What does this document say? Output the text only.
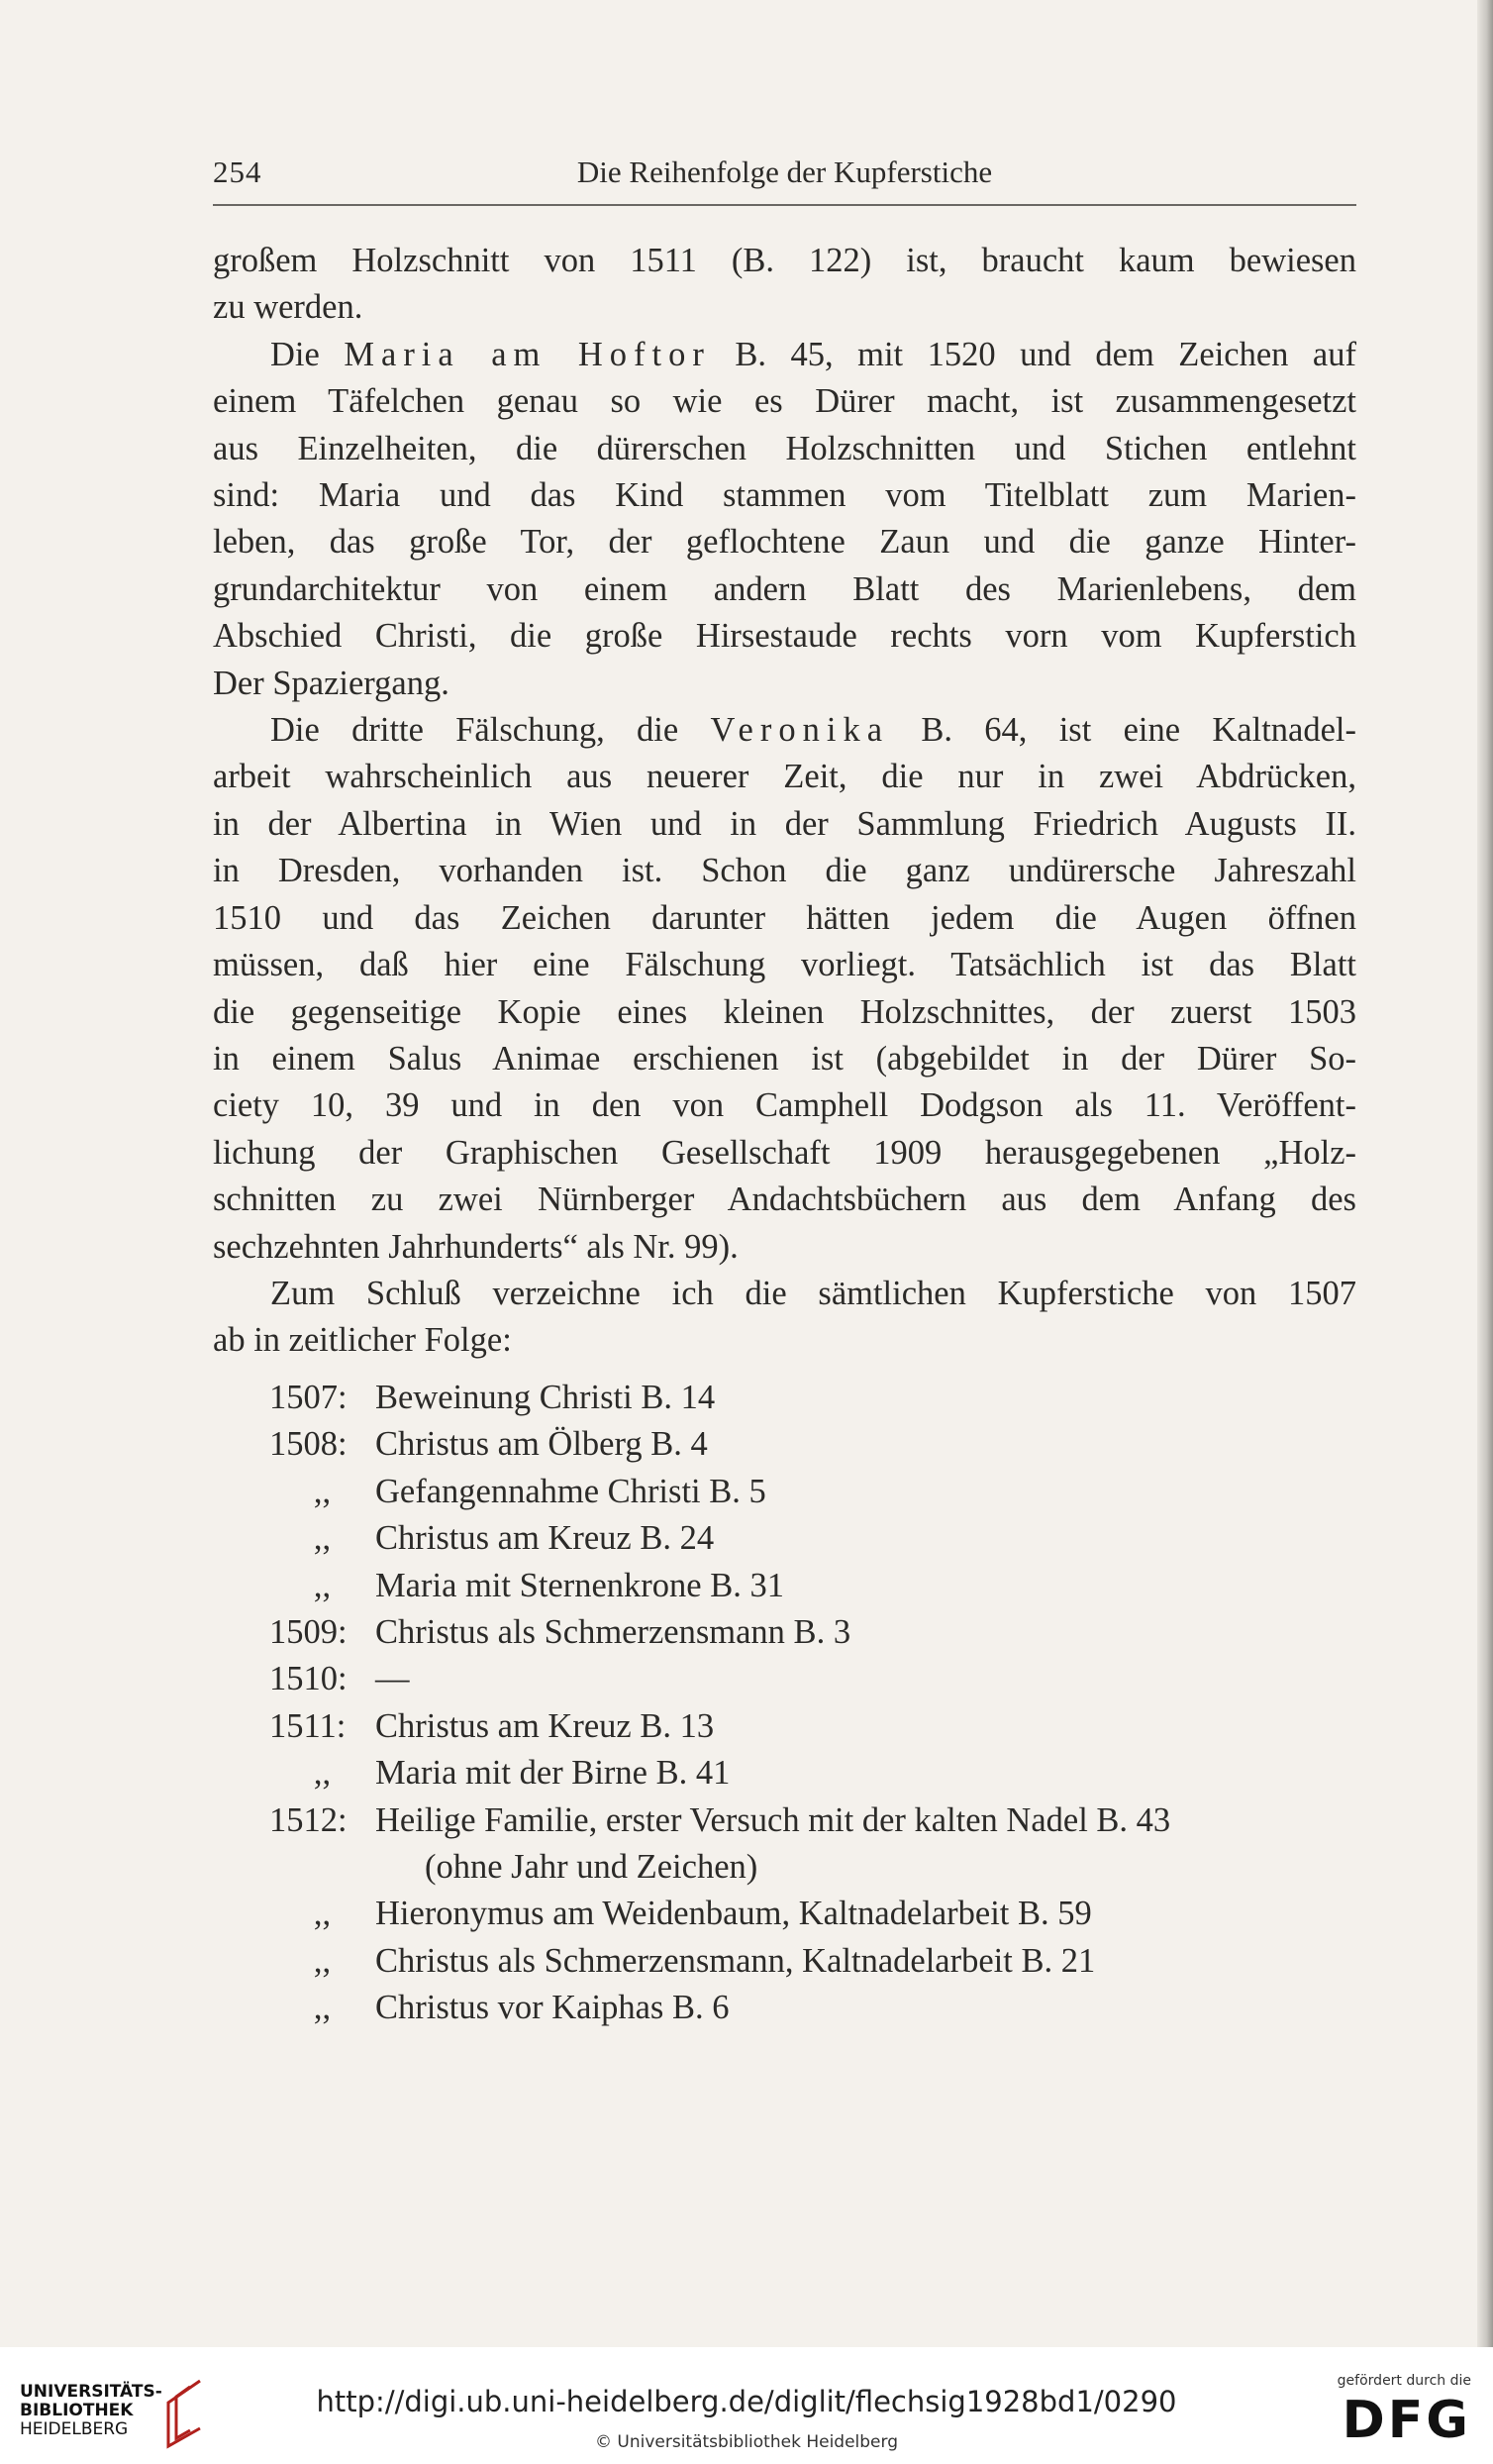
254	Die Reihenfolge der Kupferstiche

großem Holzschnitt von 1511 (B. 122) ist, braucht kaum bewiesen
zu werden.

Die Maria am Hoftor B. 45, mit 1520 und dem Zeichen auf
einem Täfelchen genau so wie es Dürer macht, ist zusammengesetzt
aus Einzelheiten, die dürerschen Holzschnitten und Stichen entlehnt
sind: Maria und das Kind stammen vom Titelblatt zum Marien-
leben, das große Tor, der geflochtene Zaun und die ganze Hinter-
grundarchitektur von einem andern Blatt des Marienlebens, dem
Abschied Christi, die große Hirsestaude rechts vorn vom Kupferstich
Der Spaziergang.

Die dritte Fälschung, die Veronika B. 64, ist eine Kaltnadel-
arbeit wahrscheinlich aus neuerer Zeit, die nur in zwei Abdrücken,
in der Albertina in Wien und in der Sammlung Friedrich Augusts II.
in Dresden, vorhanden ist. Schon die ganz undürersche Jahreszahl
1510 und das Zeichen darunter hätten jedem die Augen öffnen
müssen, daß hier eine Fälschung vorliegt. Tatsächlich ist das Blatt
die gegenseitige Kopie eines kleinen Holzschnittes, der zuerst 1503
in einem Salus Animae erschienen ist (abgebildet in der Dürer So-
ciety 10, 39 und in den von Camphell Dodgson als 11. Veröffent-
lichung der Graphischen Gesellschaft 1909 herausgegebenen „Holz-
schnitten zu zwei Nürnberger Andachtsbüchern aus dem Anfang des
sechzehnten Jahrhunderts“ als Nr. 99).

Zum Schluß verzeichne ich die sämtlichen Kupferstiche von 1507
ab in zeitlicher Folge:

1507: Beweinung Christi B. 14
1508: Christus am Ölberg B. 4
,,	Gefangennahme Christi B. 5
,,	Christus am Kreuz B. 24
,,	Maria mit Sternenkrone B. 31
1509: Christus als Schmerzensmann B. 3
1510: —
1511: Christus am Kreuz B. 13
,,	Maria mit der Birne B. 41
1512: Heilige Familie, erster Versuch mit der kalten Nadel B. 43
(ohne Jahr und Zeichen)
,,	Hieronymus am Weidenbaum, Kaltnadelarbeit B. 59
,,	Christus als Schmerzensmann, Kaltnadelarbeit B. 21
,,	Christus vor Kaiphas B. 6
UNIVERSITÄTS-
BIBLIOTHEK
HEIDELBERG
http://digi.ub.uni-heidelberg.de/diglit/flechsig1928bd1/0290
© Universitätsbibliothek Heidelberg
gefördert durch die
DFG
